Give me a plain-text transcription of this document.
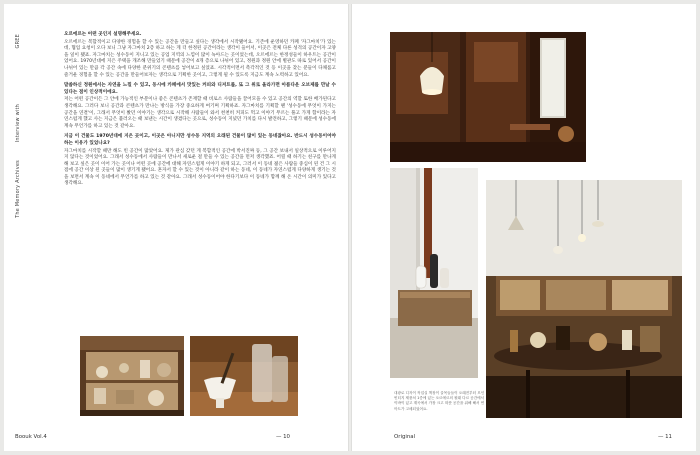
GREE
Interview with
The Memory Archives

오르에르는 어떤 곳인지 설명해주세요.

오르에르는 복합적이고 다양한 경험을 할 수 있는 공간을 만들고 싶다는 생각에서 시작됐어요. 기존에 운영하던 카페 '자그마치'가 있는데, 협업 요청이 오다 보니 그냥 자그마치 2층 하고 하는 게 더 한정된 공간이라는 생각이 들어서, 이곳은 전체 다른 성격의 공간이자 고양을 일이 됐죠. 자그마치는 성수동이 지니고 있는 공업 지역의 느낌이 많이 녹아드는 곳이었는데, 오르에르는 한정성들이 하우트는 공간이었어요. 1970년대에 지은 주택을 개조해 만들었기 때문에 공간이 4개 층으로 나뉘어 있고, 정원과 정원 안에 별관도 따로 있어서 공간이 나뉘어 있는 만큼 각 공간 속에 다양한 분위기의 콘텐츠를 넣어보고 싶었죠. 시각적이면서 촉각적인 것 등 이곳을 찾는 분들이 다채롭고 즐거운 경험을 할 수 있는 공간을 만들어보자는 생각으로 기획한 곳이고, 그렇게 될 수 있도록 지금도 계속 노력하고 있어요.

말씀하신 정원에서는 자연을 느낄 수 있고, 동시에 카페에서 맛있는 커피와 디저트를, 또 그 위로 올라가면 아름다운 오브제를 만날 수 있다는 점이 인상적이에요.

저는 어떤 공간이든 그 안에 가능적인 부분이나 좋은 콘텐츠가 존재할 때 비로소 사람들을 끌어모을 수 있고 공간의 역할 또한 배가된다고 생각해요. 그러다 보니 공간과 콘텐츠가 만나는 방식을 가장 중요하게 여기며 기획하죠. 자그마치를 기획할 땐 '성수동에 무엇이 가지는 공간을 연결'이, 그래서 무엇이 봤던 이야기는 생각으로 시작해 사람들이 와서 천천히 커피도 먹고 이야기 무르는 풀고 가게 함이라는 자연스럽게 했고 사는 지금은 불러오는 때 보낸는 시간이 생겼다는 곳으로, 성수동이 지녔던 가치를 다시 발견하고, 그렇기 때문에 성수동에 계속 무언가를 하고 있는 것 같아요.

지금 이 건물도 1970년대에 지은 곳이고, 이곳은 아니지만 성수동 지역의 오래된 건물이 많이 있는 동네잖아요. 반드시 성수동이어야 하는 이유가 있었나요?

자그마치를 시작할 때만 해도 빈 공간이 많았어요. 제가 관심 갖던 게 복합적인 공간에 박서진짜 등, 그 공간 보내서 일상적으로 이루어지지 않다는 것이었어요. 그래서 성수동에서 사람들이 만나서 새로운 걸 만들 수 있는 공간을 먼저 생각했죠. 어릴 때 하기는 친구를 만나게 해 보고 싶은 곳이 이어 가는 곳이나 어떤 곳에 공간에 대해 자연스럽게 이야기 하게 되고, 그러서 이 동네 젊은 사람들 중심이 된 건 그 시점에 공간 이상 된 곳들이 많이 생기게 됐어요. 혼자서 할 수 있는 것이 아니라 같이 하는 동네, 이 동네가 자연스럽게 다양하게 생기는 것을 보면서 계속 이 동네에서 무언가를 하고 있는 것 같아요. 그래서 성수동이어야 한다기보다 이 동네가 함께 해 온 시간이 의미가 있다고 생각해요.

Boouk Vol.4	— 10
대광로 디자이 작업실 책장이 골목들들이 오래전부터 모인 빈티지 제품처 1층에 있는 오르에르의 원래 다르 공간에서 이바이 있고 계곡에서 가장 크고 따뜻 공간을 위해 해서 연 아트가 고메되었어요.
Original	— 11
